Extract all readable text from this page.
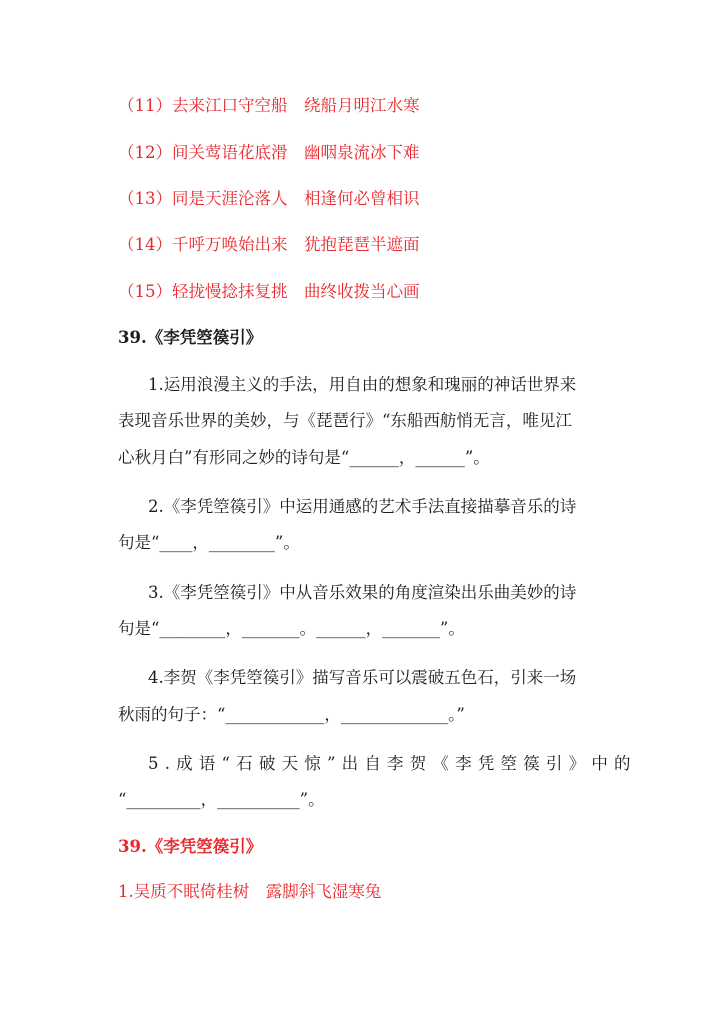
（11）去来江口守空船　绕船月明江水寒
（12）间关莺语花底滑　幽咽泉流冰下难
（13）同是天涯沦落人　相逢何必曾相识
（14）千呼万唤始出来　犹抱琵琶半遮面
（15）轻拢慢捻抹复挑　曲终收拨当心画
39.《李凭箜篌引》
1.运用浪漫主义的手法，用自由的想象和瑰丽的神话世界来
表现音乐世界的美妙，与《琵琶行》“东船西舫悄无言，唯见江
心秋月白”有形同之妙的诗句是“______，______”。
2.《李凭箜篌引》中运用通感的艺术手法直接描摹音乐的诗
句是“____，________”。
3.《李凭箜篌引》中从音乐效果的角度渲染出乐曲美妙的诗
句是“________，_______。______，_______”。
4.李贺《李凭箜篌引》描写音乐可以震破五色石，引来一场
秋雨的句子：“____________，_____________。”
5.成语“石破天惊”出自李贺《李凭箜篌引》中的
“_________，__________”。
39.《李凭箜篌引》
1.吴质不眠倚桂树　露脚斜飞湿寒兔
